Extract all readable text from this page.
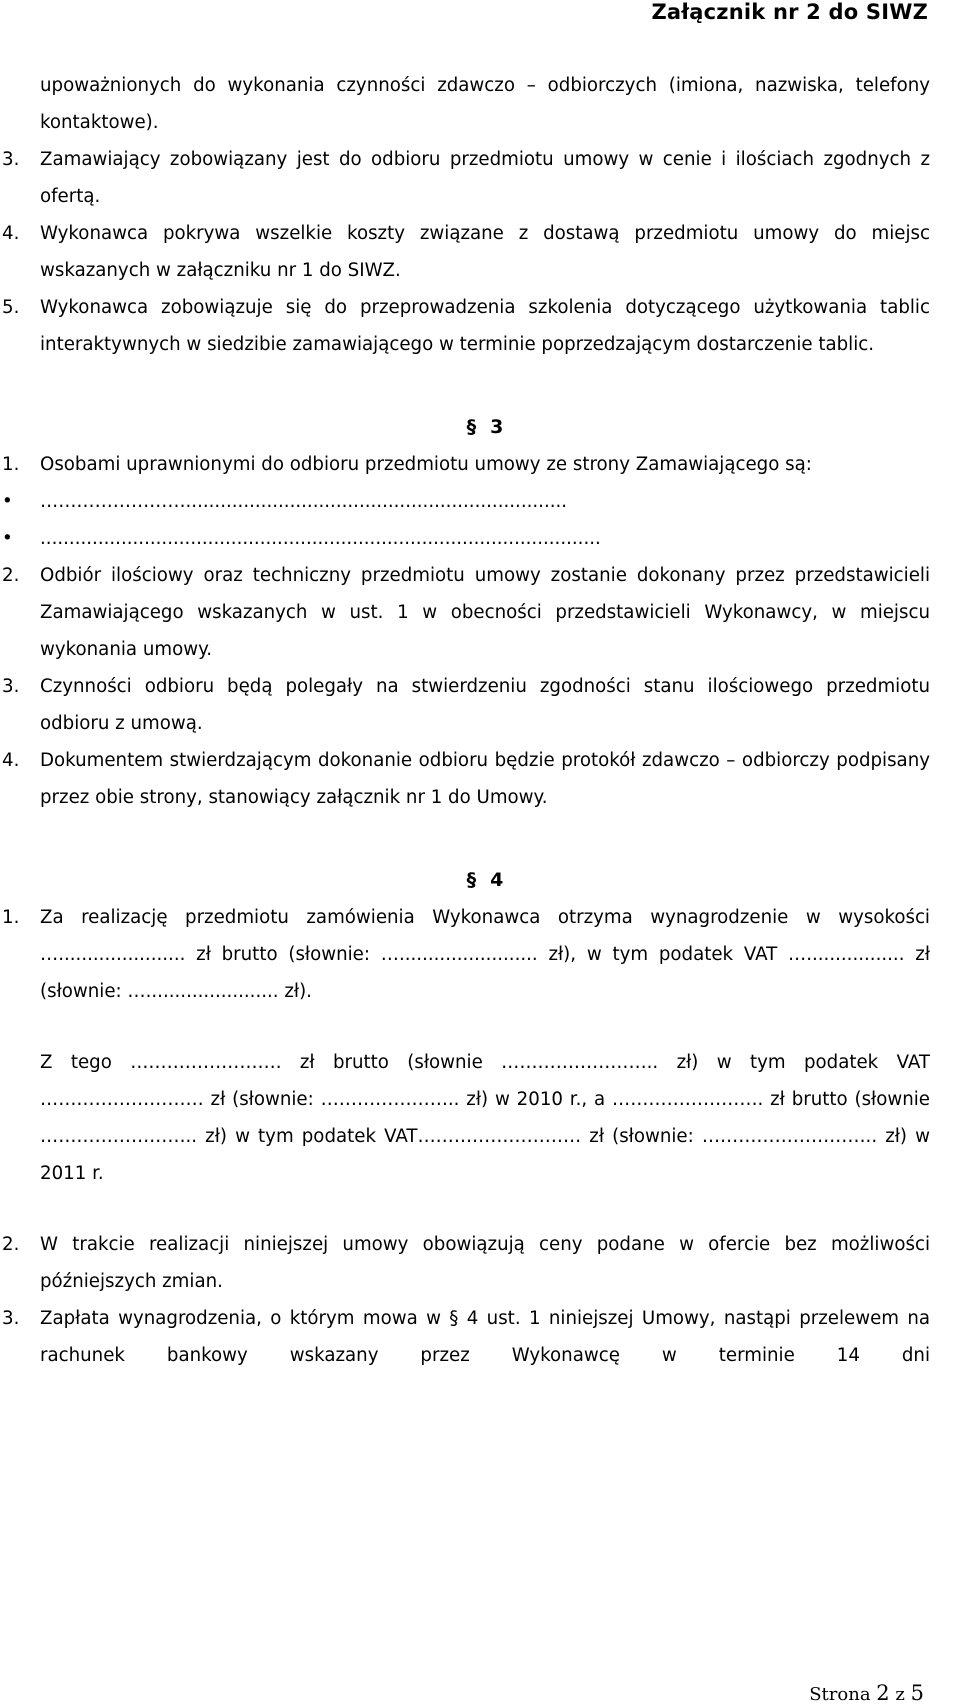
Załącznik nr 2 do SIWZ
upoważnionych do wykonania czynności zdawczo – odbiorczych (imiona, nazwiska, telefony kontaktowe).
3. Zamawiający zobowiązany jest do odbioru przedmiotu umowy w cenie i ilościach zgodnych z ofertą.
4. Wykonawca pokrywa wszelkie koszty związane z dostawą przedmiotu umowy do miejsc wskazanych w załączniku nr 1 do SIWZ.
5. Wykonawca zobowiązuje się do przeprowadzenia szkolenia dotyczącego użytkowania tablic interaktywnych w siedzibie zamawiającego w terminie poprzedzającym dostarczenie tablic.
§ 3
1. Osobami uprawnionymi do odbioru przedmiotu umowy ze strony Zamawiającego są:
• ……………………..................................................................
• .................................................................................................
2. Odbiór ilościowy oraz techniczny przedmiotu umowy zostanie dokonany przez przedstawicieli Zamawiającego wskazanych w ust. 1 w obecności przedstawicieli Wykonawcy, w miejscu wykonania umowy.
3. Czynności odbioru będą polegały na stwierdzeniu zgodności stanu ilościowego przedmiotu odbioru z umową.
4. Dokumentem stwierdzającym dokonanie odbioru będzie protokół zdawczo – odbiorczy podpisany przez obie strony, stanowiący załącznik nr 1 do Umowy.
§ 4
1. Za realizację przedmiotu zamówienia Wykonawca otrzyma wynagrodzenie w wysokości …...................... zł brutto (słownie: …........................ zł), w tym podatek VAT …................. zł (słownie: …....................... zł).
Z tego ……………………. zł brutto (słownie …………………….. zł) w tym podatek VAT ……………………… zł (słownie: ………………….. zł) w 2010 r., a ……………………. zł brutto (słownie …………………….. zł) w tym podatek VAT……………………… zł (słownie: ……………………….. zł) w 2011 r.
2. W trakcie realizacji niniejszej umowy obowiązują ceny podane w ofercie bez możliwości późniejszych zmian.
3. Zapłata wynagrodzenia, o którym mowa w § 4 ust. 1 niniejszej Umowy, nastąpi przelewem na rachunek bankowy wskazany przez Wykonawcę w terminie 14 dni
Strona 2 z 5
